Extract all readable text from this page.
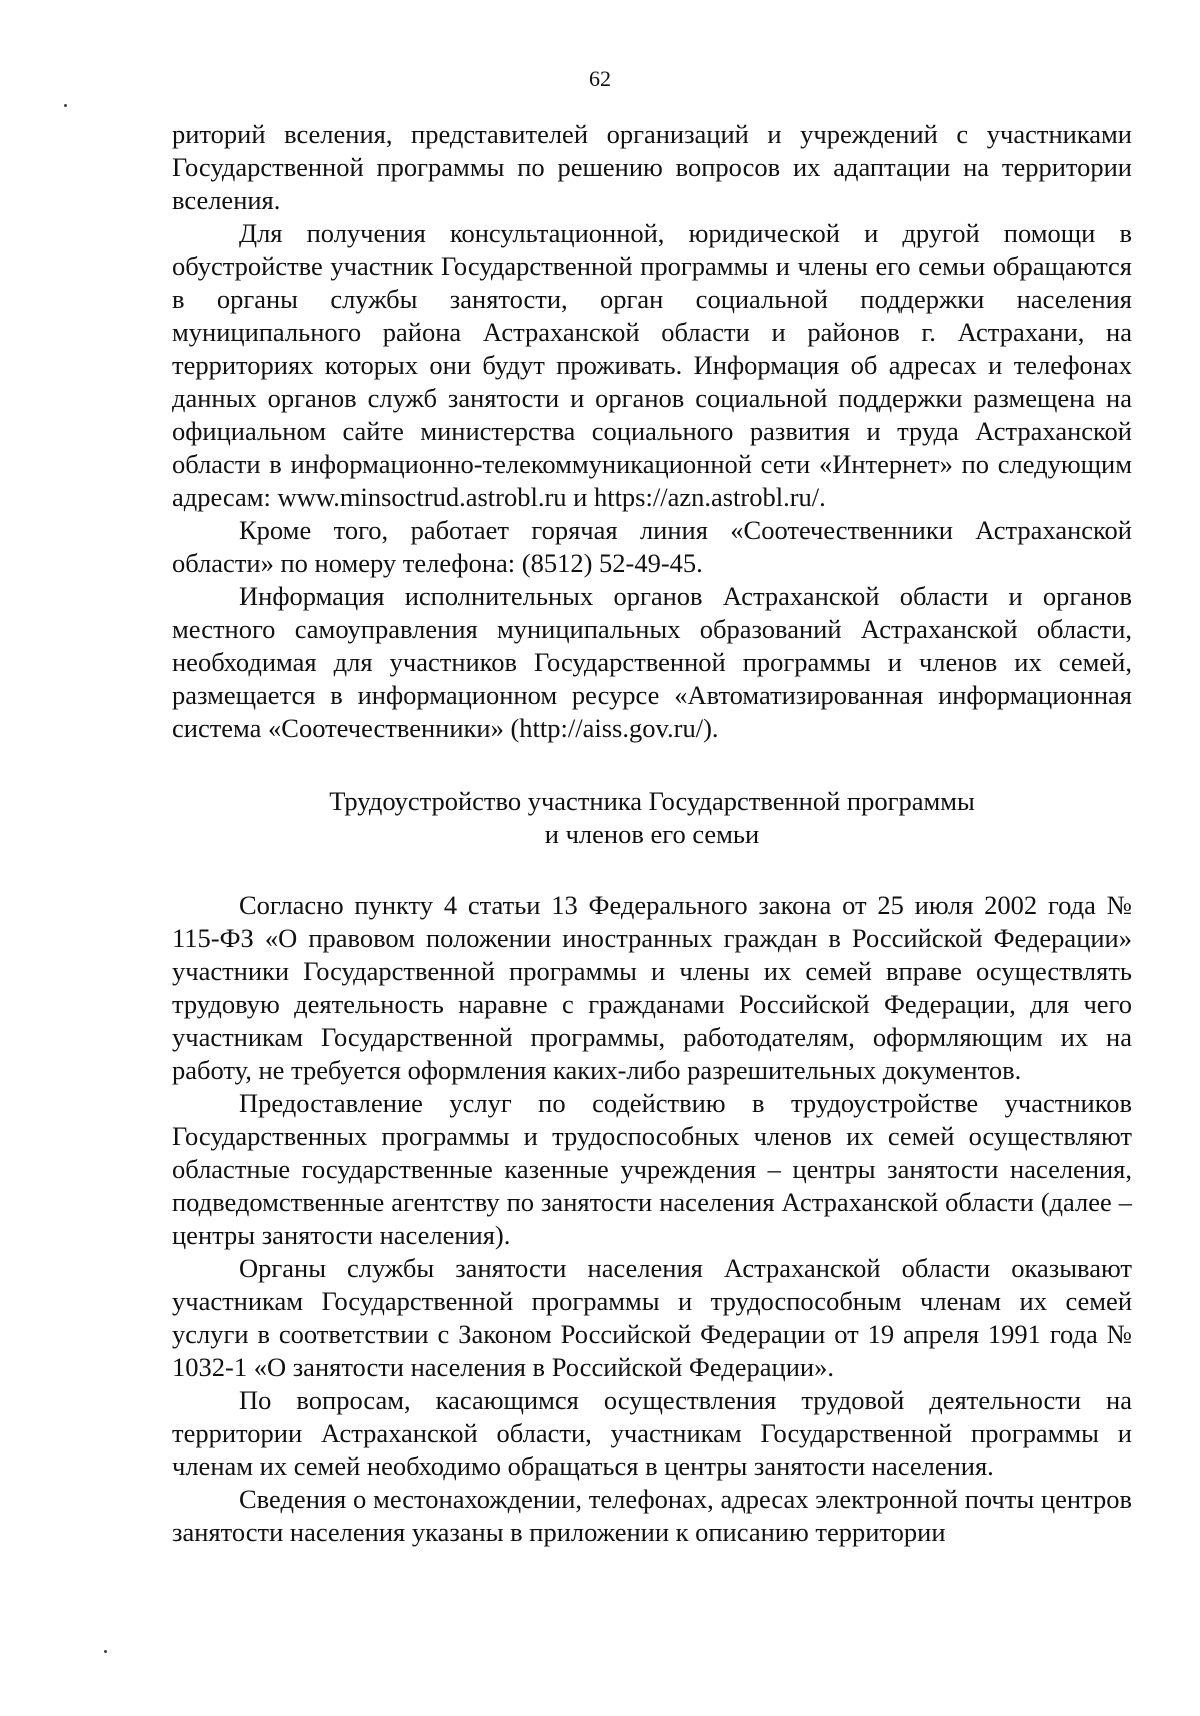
62

риторий вселения, представителей организаций и учреждений с участниками Государственной программы по решению вопросов их адаптации на территории вселения.

Для получения консультационной, юридической и другой помощи в обустройстве участник Государственной программы и члены его семьи обращаются в органы службы занятости, орган социальной поддержки населения муниципального района Астраханской области и районов г. Астрахани, на территориях которых они будут проживать. Информация об адресах и телефонах данных органов служб занятости и органов социальной поддержки размещена на официальном сайте министерства социального развития и труда Астраханской области в информационно-телекоммуникационной сети «Интернет» по следующим адресам: www.minsoctrud.astrobl.ru и https://azn.astrobl.ru/.

Кроме того, работает горячая линия «Соотечественники Астраханской области» по номеру телефона: (8512) 52-49-45.

Информация исполнительных органов Астраханской области и органов местного самоуправления муниципальных образований Астраханской области, необходимая для участников Государственной программы и членов их семей, размещается в информационном ресурсе «Автоматизированная информационная система «Соотечественники» (http://aiss.gov.ru/).

Трудоустройство участника Государственной программы
и членов его семьи

Согласно пункту 4 статьи 13 Федерального закона от 25 июля 2002 года № 115-ФЗ «О правовом положении иностранных граждан в Российской Федерации» участники Государственной программы и члены их семей вправе осуществлять трудовую деятельность наравне с гражданами Российской Федерации, для чего участникам Государственной программы, работодателям, оформляющим их на работу, не требуется оформления каких-либо разрешительных документов.

Предоставление услуг по содействию в трудоустройстве участников Государственных программы и трудоспособных членов их семей осуществляют областные государственные казенные учреждения – центры занятости населения, подведомственные агентству по занятости населения Астраханской области (далее – центры занятости населения).

Органы службы занятости населения Астраханской области оказывают участникам Государственной программы и трудоспособным членам их семей услуги в соответствии с Законом Российской Федерации от 19 апреля 1991 года № 1032-1 «О занятости населения в Российской Федерации».

По вопросам, касающимся осуществления трудовой деятельности на территории Астраханской области, участникам Государственной программы и членам их семей необходимо обращаться в центры занятости населения.

Сведения о местонахождении, телефонах, адресах электронной почты центров занятости населения указаны в приложении к описанию территории
